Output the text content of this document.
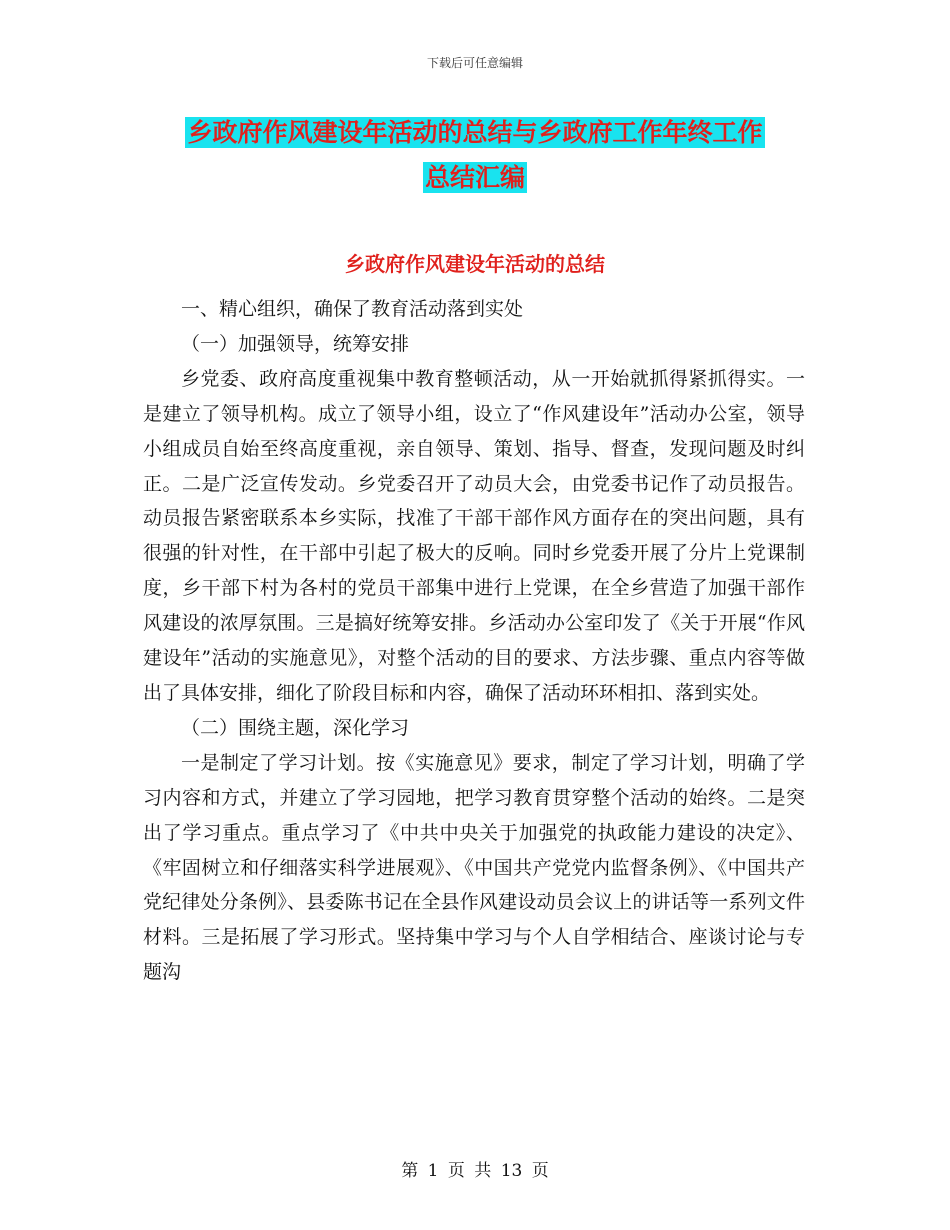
下载后可任意编辑
乡政府作风建设年活动的总结与乡政府工作年终工作
总结汇编
乡政府作风建设年活动的总结

一、精心组织，确保了教育活动落到实处

（一）加强领导，统筹安排

乡党委、政府高度重视集中教育整顿活动，从一开始就抓得紧抓得实。一是建立了领导机构。成立了领导小组，设立了“作风建设年”活动办公室，领导小组成员自始至终高度重视，亲自领导、策划、指导、督查，发现问题及时纠正。二是广泛宣传发动。乡党委召开了动员大会，由党委书记作了动员报告。动员报告紧密联系本乡实际，找准了干部干部作风方面存在的突出问题，具有很强的针对性，在干部中引起了极大的反响。同时乡党委开展了分片上党课制度，乡干部下村为各村的党员干部集中进行上党课，在全乡营造了加强干部作风建设的浓厚氛围。三是搞好统筹安排。乡活动办公室印发了《关于开展“作风建设年”活动的实施意见》，对整个活动的目的要求、方法步骤、重点内容等做出了具体安排，细化了阶段目标和内容，确保了活动环环相扣、落到实处。

（二）围绕主题，深化学习

一是制定了学习计划。按《实施意见》要求，制定了学习计划，明确了学习内容和方式，并建立了学习园地，把学习教育贯穿整个活动的始终。二是突出了学习重点。重点学习了《中共中央关于加强党的执政能力建设的决定》、《牢固树立和仔细落实科学进展观》、《中国共产党党内监督条例》、《中国共产党纪律处分条例》、县委陈书记在全县作风建设动员会议上的讲话等一系列文件材料。三是拓展了学习形式。坚持集中学习与个人自学相结合、座谈讨论与专题沟

第 1 页 共 13 页
